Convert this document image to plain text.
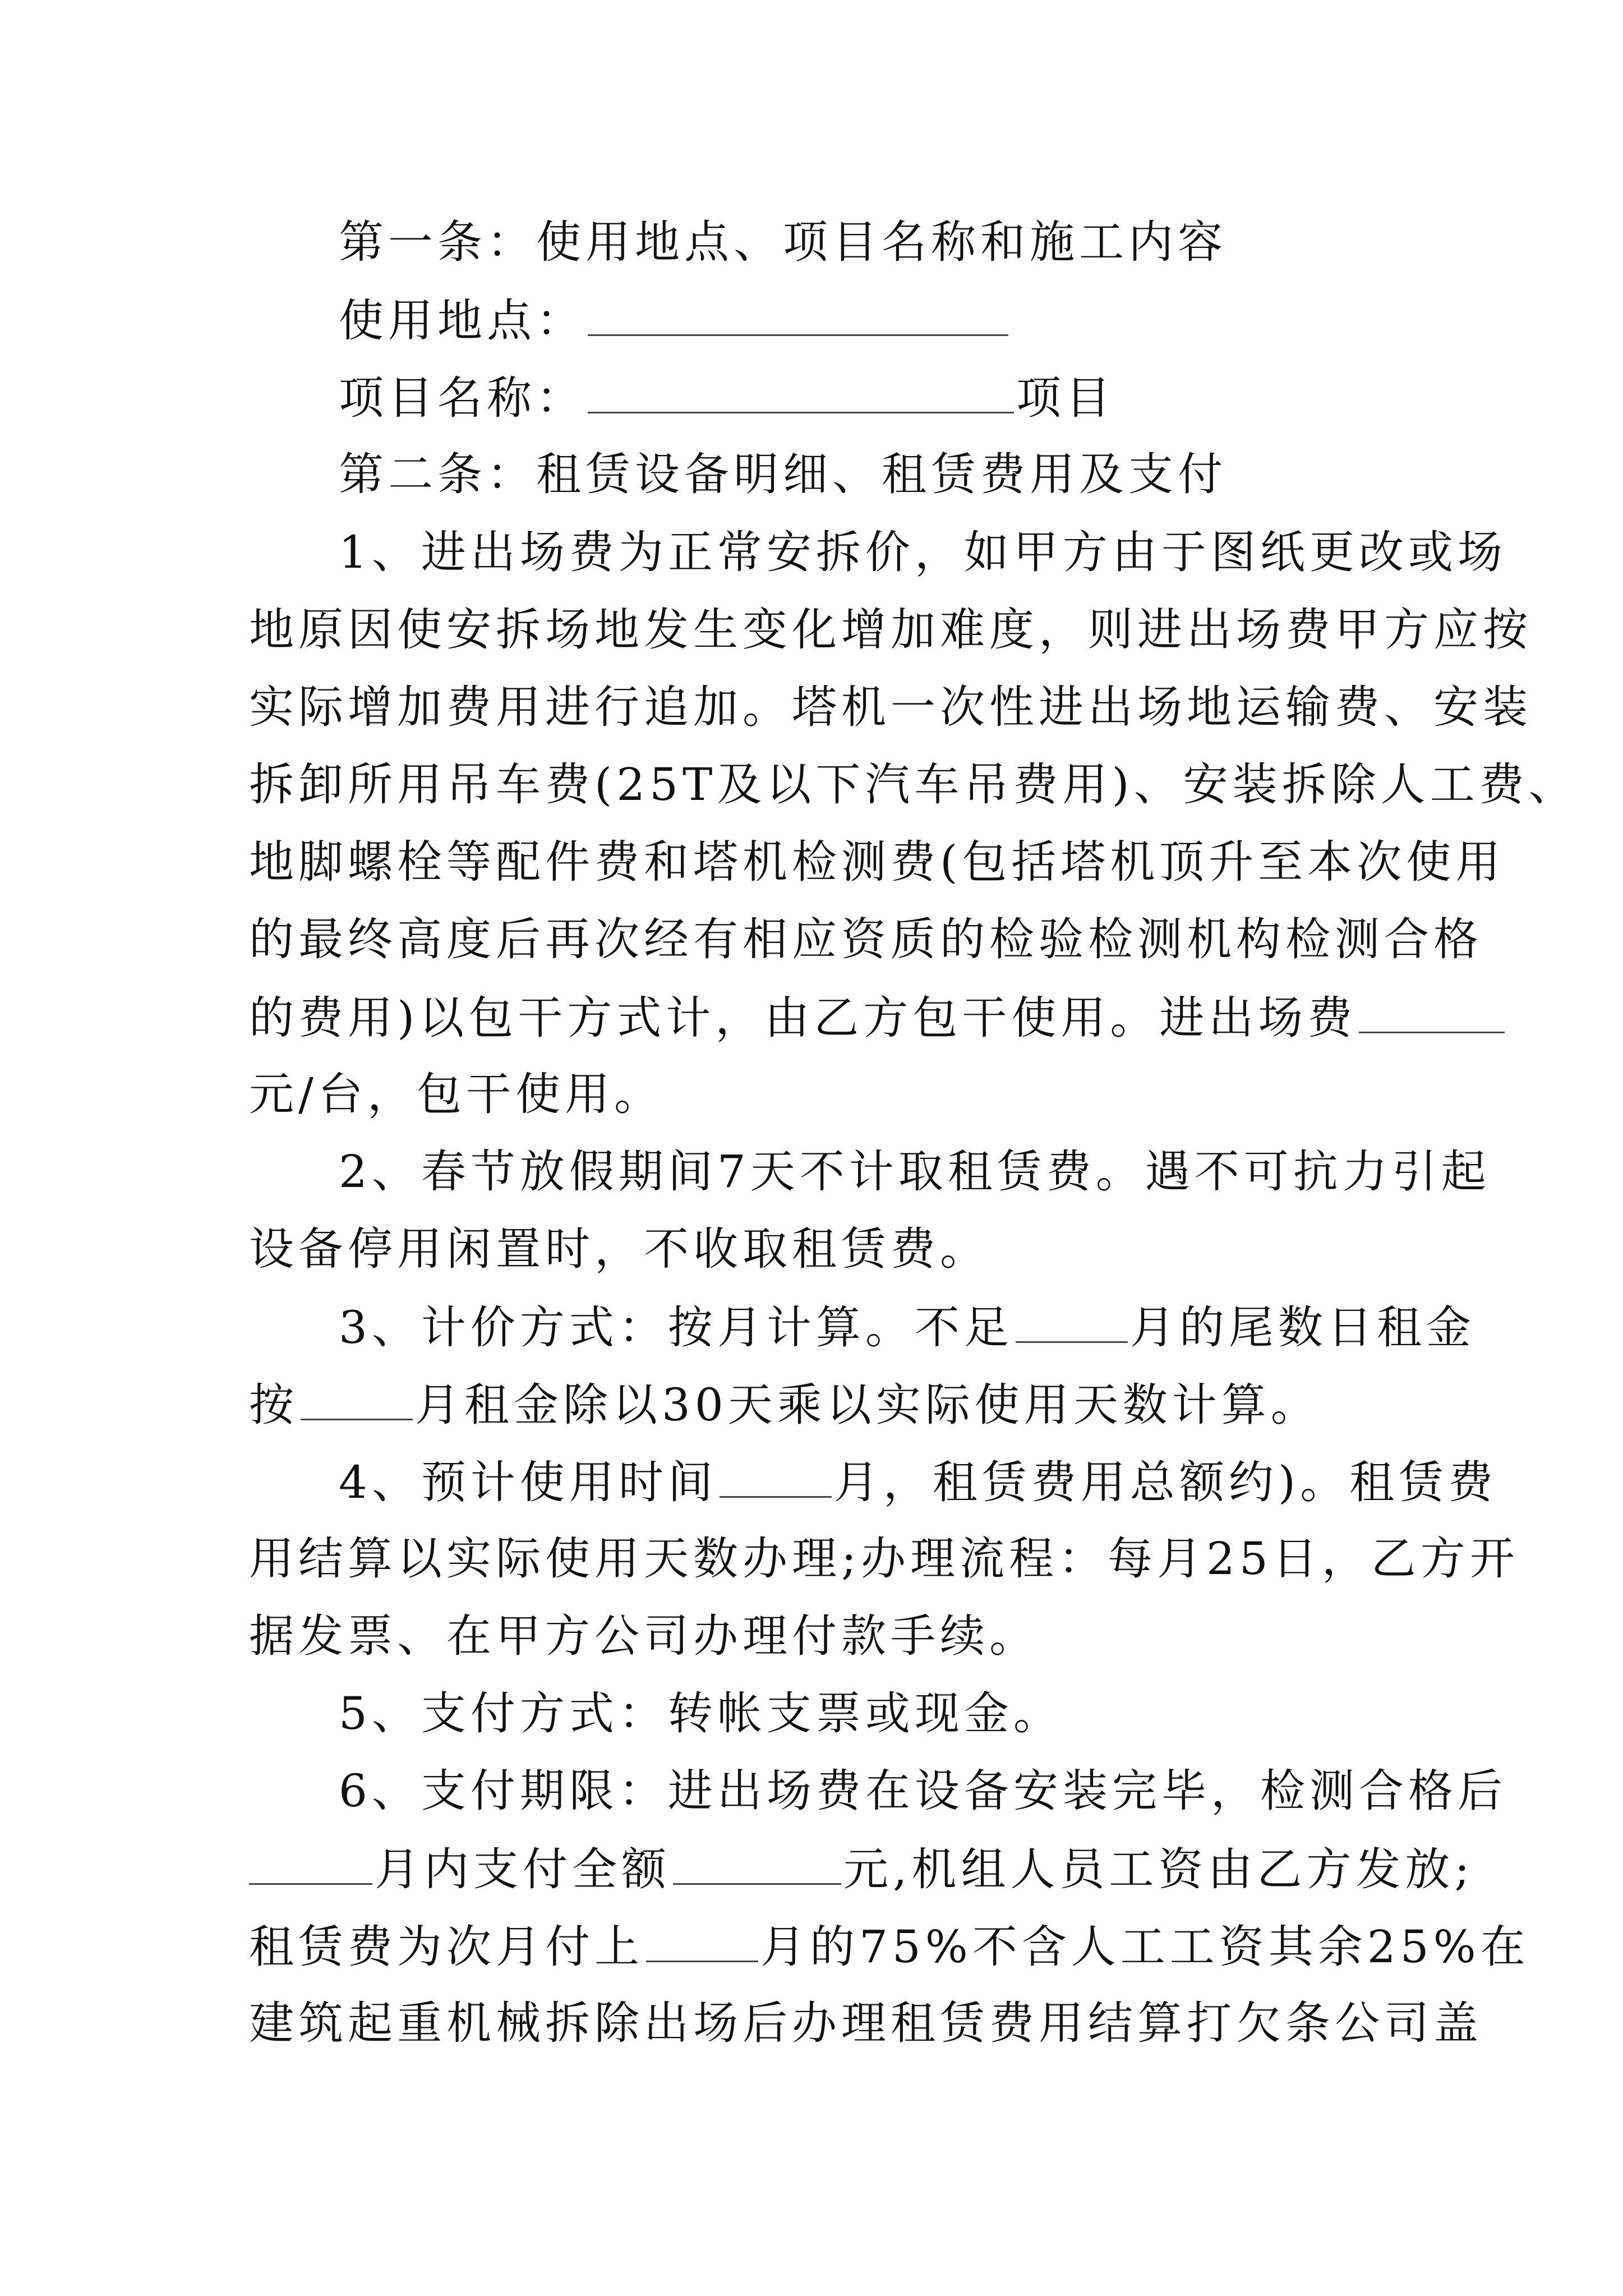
第一条：使用地点、项目名称和施工内容
使用地点：
项目名称：	项目
第二条：租赁设备明细、租赁费用及支付
1、进出场费为正常安拆价，如甲方由于图纸更改或场
地原因使安拆场地发生变化增加难度，则进出场费甲方应按
实际增加费用进行追加。塔机一次性进出场地运输费、安装
拆卸所用吊车费(25T及以下汽车吊费用)、安装拆除人工费、
地脚螺栓等配件费和塔机检测费(包括塔机顶升至本次使用
的最终高度后再次经有相应资质的检验检测机构检测合格
的费用)以包干方式计，由乙方包干使用。进出场费
元/台，包干使用。
2、春节放假期间7天不计取租赁费。遇不可抗力引起
设备停用闲置时，不收取租赁费。
3、计价方式：按月计算。不足	月的尾数日租金
按	月租金除以30天乘以实际使用天数计算。
4、预计使用时间	月，租赁费用总额约)。租赁费
用结算以实际使用天数办理;办理流程：每月25日，乙方开
据发票、在甲方公司办理付款手续。
5、支付方式：转帐支票或现金。
6、支付期限：进出场费在设备安装完毕，检测合格后
月内支付全额	元,机组人员工资由乙方发放;
租赁费为次月付上	月的75%不含人工工资其余25%在
建筑起重机械拆除出场后办理租赁费用结算打欠条公司盖
